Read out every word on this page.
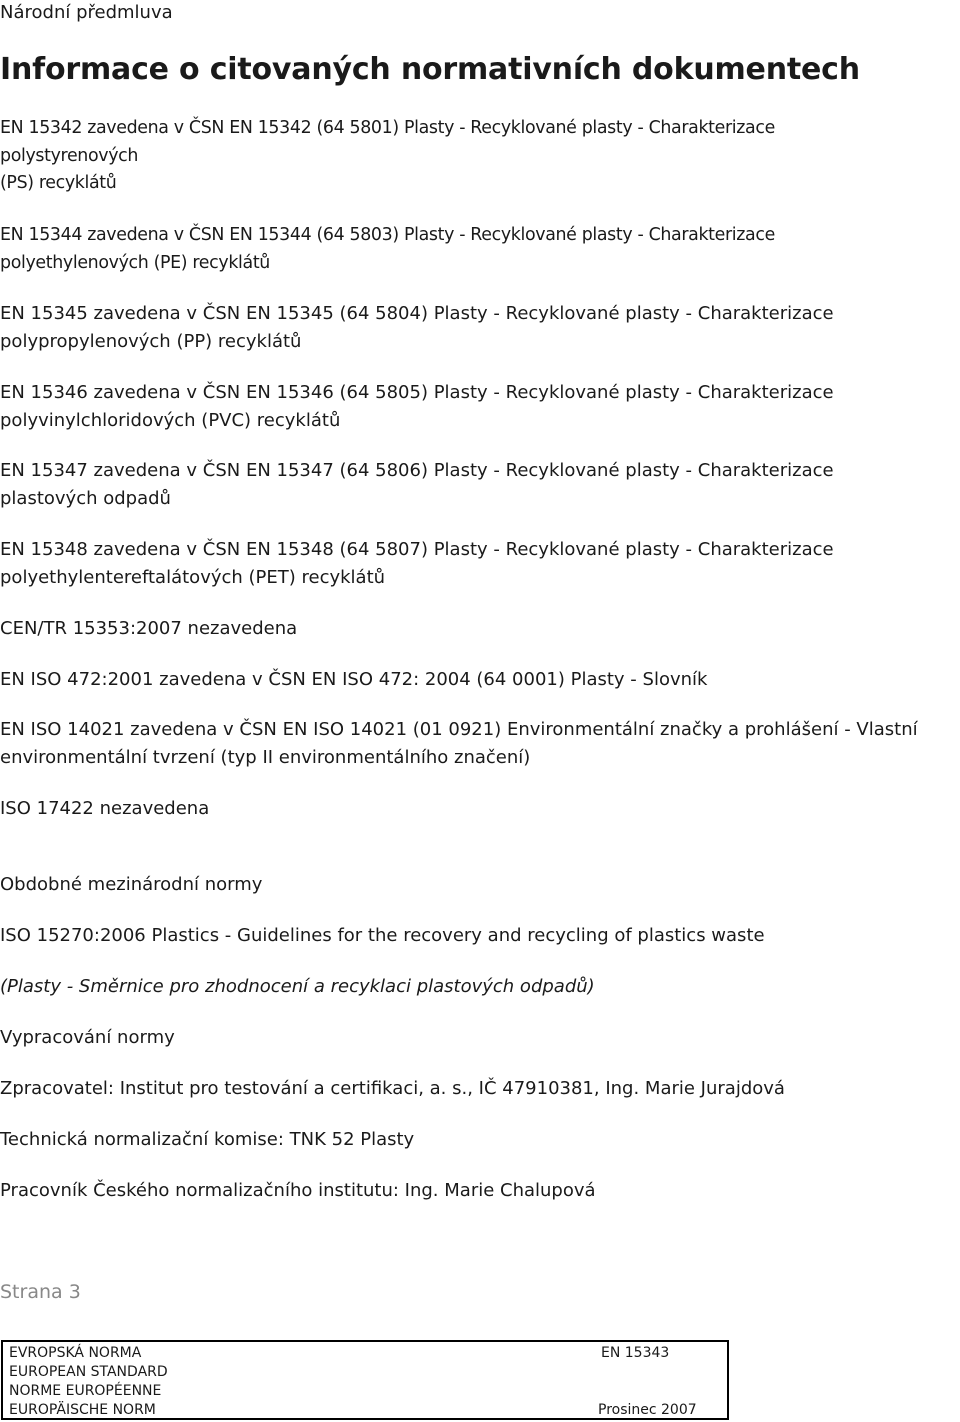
Národní předmluva
Informace o citovaných normativních dokumentech
EN 15342 zavedena v ČSN EN 15342 (64 5801) Plasty - Recyklované plasty - Charakterizace
polystyrenových
(PS) recyklátů
EN 15344 zavedena v ČSN EN 15344 (64 5803) Plasty - Recyklované plasty - Charakterizace
polyethylenových (PE) recyklátů
EN 15345 zavedena v ČSN EN 15345 (64 5804) Plasty - Recyklované plasty - Charakterizace
polypropylenových (PP) recyklátů
EN 15346 zavedena v ČSN EN 15346 (64 5805) Plasty - Recyklované plasty - Charakterizace
polyvinylchloridových (PVC) recyklátů
EN 15347 zavedena v ČSN EN 15347 (64 5806) Plasty - Recyklované plasty - Charakterizace
plastových odpadů
EN 15348 zavedena v ČSN EN 15348 (64 5807) Plasty - Recyklované plasty - Charakterizace
polyethylentereftalátových (PET) recyklátů
CEN/TR 15353:2007 nezavedena
EN ISO 472:2001 zavedena v ČSN EN ISO 472: 2004 (64 0001) Plasty - Slovník
EN ISO 14021 zavedena v ČSN EN ISO 14021 (01 0921) Environmentální značky a prohlášení - Vlastní
environmentální tvrzení (typ II environmentálního značení)
ISO 17422 nezavedena
Obdobné mezinárodní normy
ISO 15270:2006 Plastics - Guidelines for the recovery and recycling of plastics waste
(Plasty - Směrnice pro zhodnocení a recyklaci plastových odpadů)
Vypracování normy
Zpracovatel: Institut pro testování a certifikaci, a. s., IČ 47910381, Ing. Marie Jurajdová
Technická normalizační komise: TNK 52 Plasty
Pracovník Českého normalizačního institutu: Ing. Marie Chalupová
Strana 3
EVROPSKÁ NORMA
EUROPEAN STANDARD
NORME EUROPÉENNE
EUROPÄISCHE NORM
EN 15343
Prosinec 2007
